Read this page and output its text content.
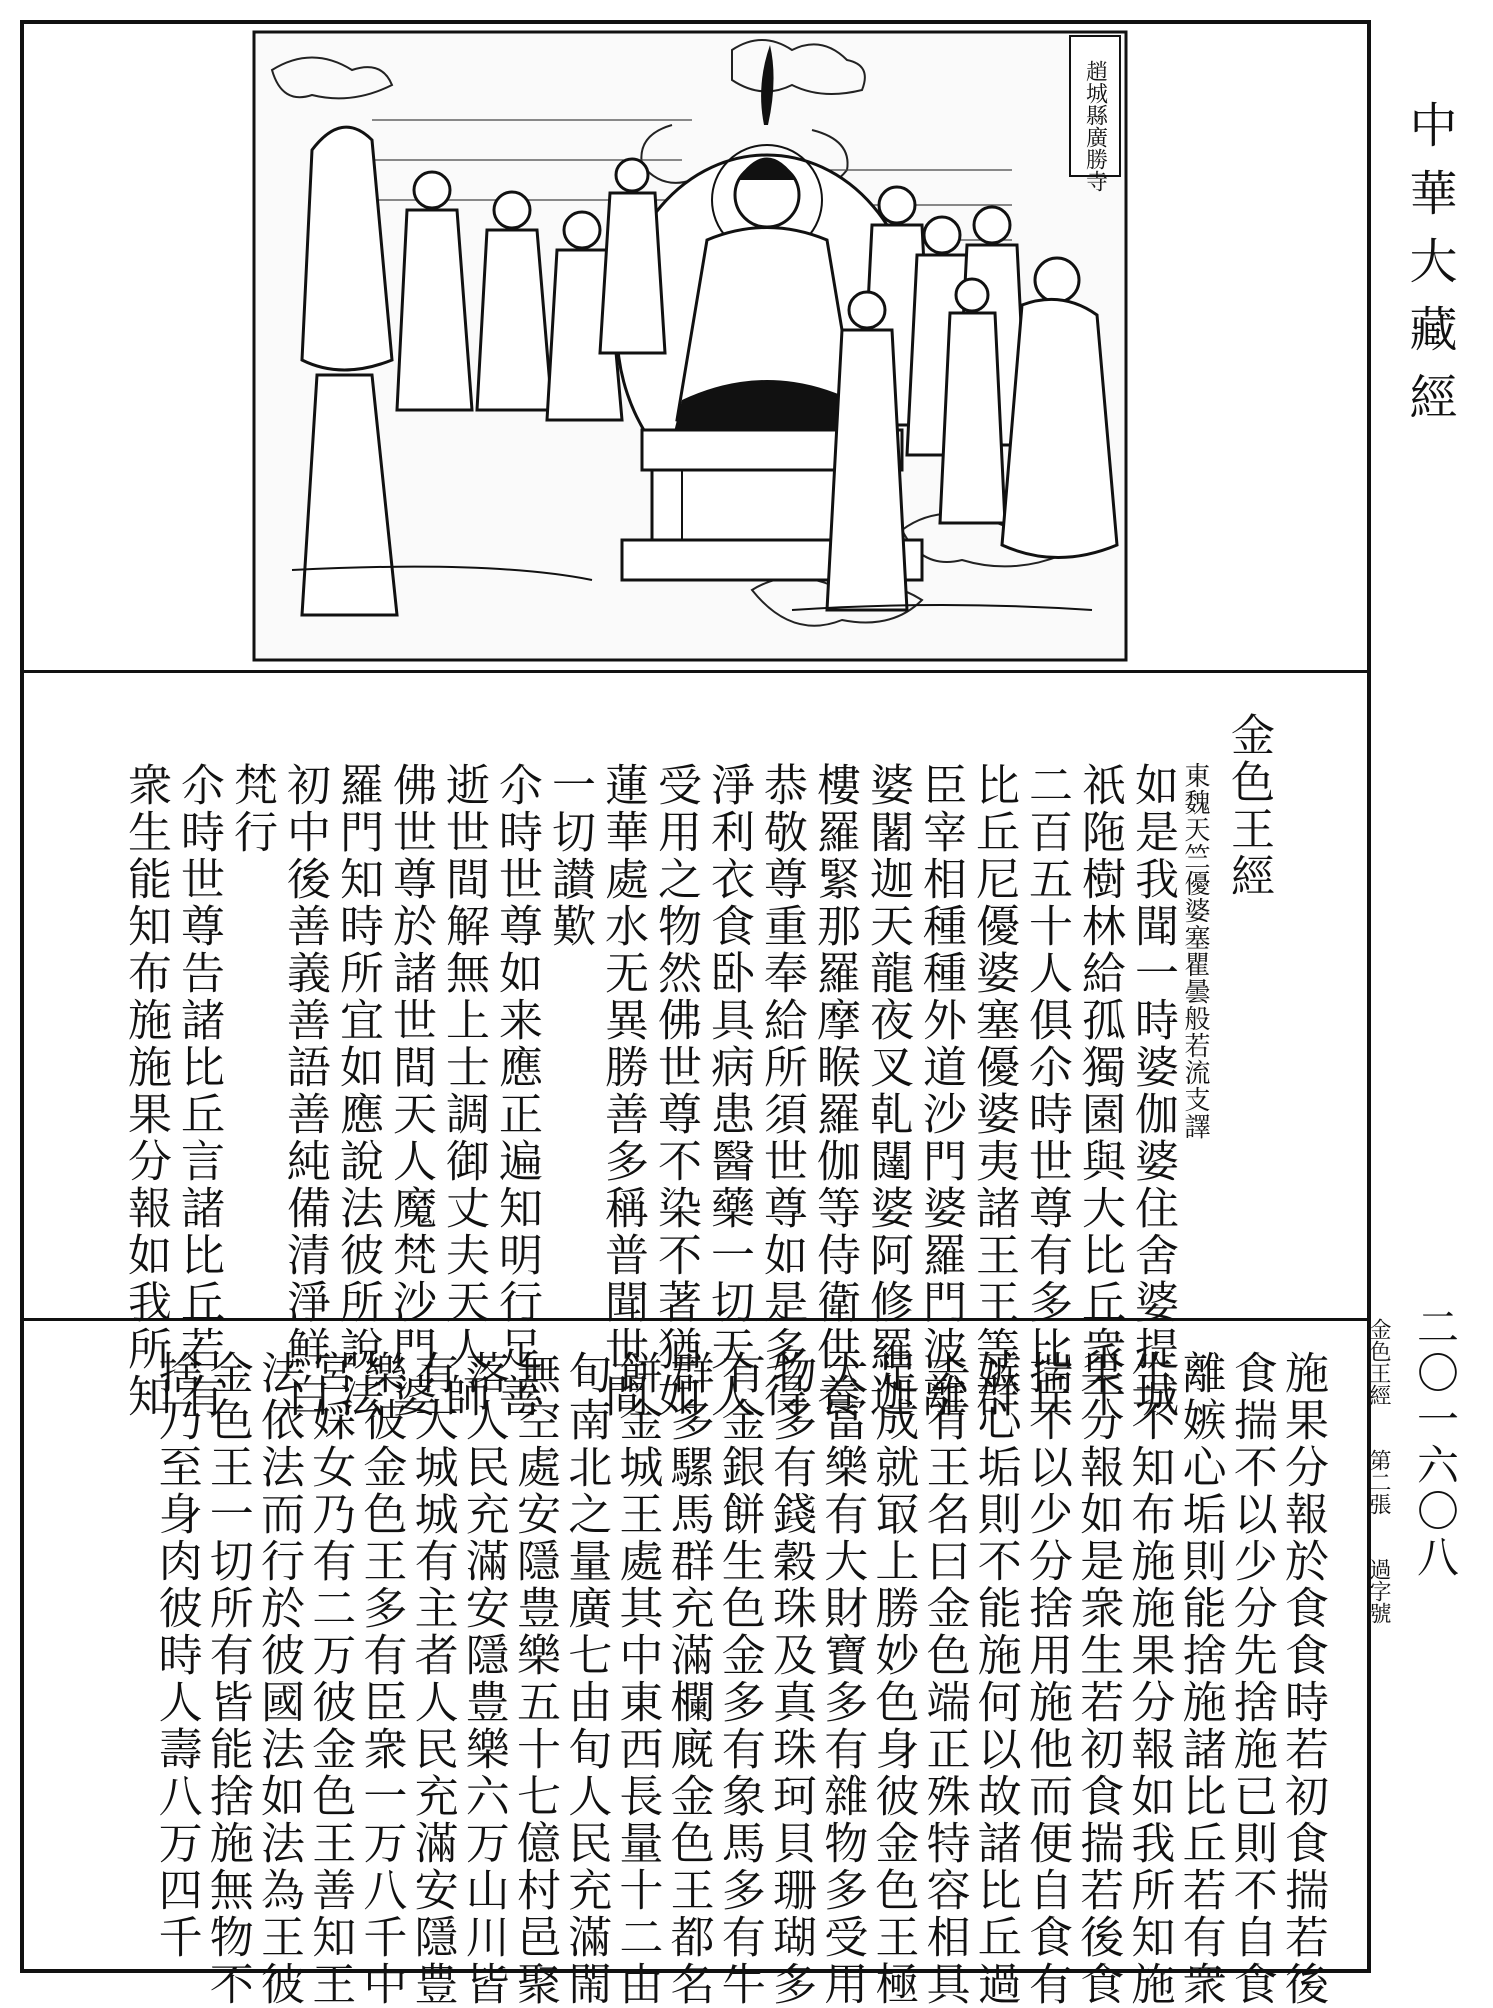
中華大藏經
趙城縣廣勝寺
金色王經
東魏天竺優婆塞瞿曇般若流支譯
如是我聞一時婆伽婆住舍婆提城
祇陁樹林給孤獨園與大比丘衆千
二百五十人俱尒時世尊有多比丘
比丘尼優婆塞優婆夷諸王王等群
臣宰相種種外道沙門婆羅門波離
婆闍迦天龍夜叉乹闥婆阿修羅迦
樓羅緊那羅摩睺羅伽等侍衛供養
恭敬尊重奉給所須世尊如是多得
淨利衣食卧具病患醫藥一切天人
受用之物然佛世尊不染不著猶如
蓮華處水无異勝善多稱普聞世間
一切讃歎
尒時世尊如来應正遍知明行足善
逝世間解無上士調御丈夫天人師
佛世尊於諸世間天人魔梵沙門婆
羅門知時所宜如應說法彼所說法
初中後善義善語善純備清淨鮮白
梵行
尒時世尊告諸比丘言諸比丘若有
衆生能知布施施果分報如我所知
施果分報於食食時若初食揣若後
食揣不以少分先捨施已則不自食
離嫉心垢則能捨施諸比丘若有衆
生不知布施施果分報如我所知施
果分報如是衆生若初食揣若後食
揣不以少分捨用施他而便自食有
嫉心垢則不能施何以故諸比丘過
去有王名曰金色端正殊特容相具
足成就冣上勝妙色身彼金色王極
大冨樂有大財寶多有雜物多受用
物多有錢穀珠及真珠珂貝珊瑚多
有金銀餅生色金多有象馬多有牛
群多騾馬群充滿欄廐金色王都名
餅金城王處其中東西長量十二由
旬南北之量廣七由旬人民充滿閙
無空處安隱豊樂五十七億村邑聚
落人民充滿安隱豊樂六万山川皆
有大城城有主者人民充滿安隱豊
樂彼金色王多有臣衆一万八千中
宮婇女乃有二万彼金色王善知王
法依法而行於彼國法如法為王彼
金色王一切所有皆能捨施無物不
捨乃至身肉彼時人壽八万四千	金色王經 第二張 過字號
二〇一六〇八
